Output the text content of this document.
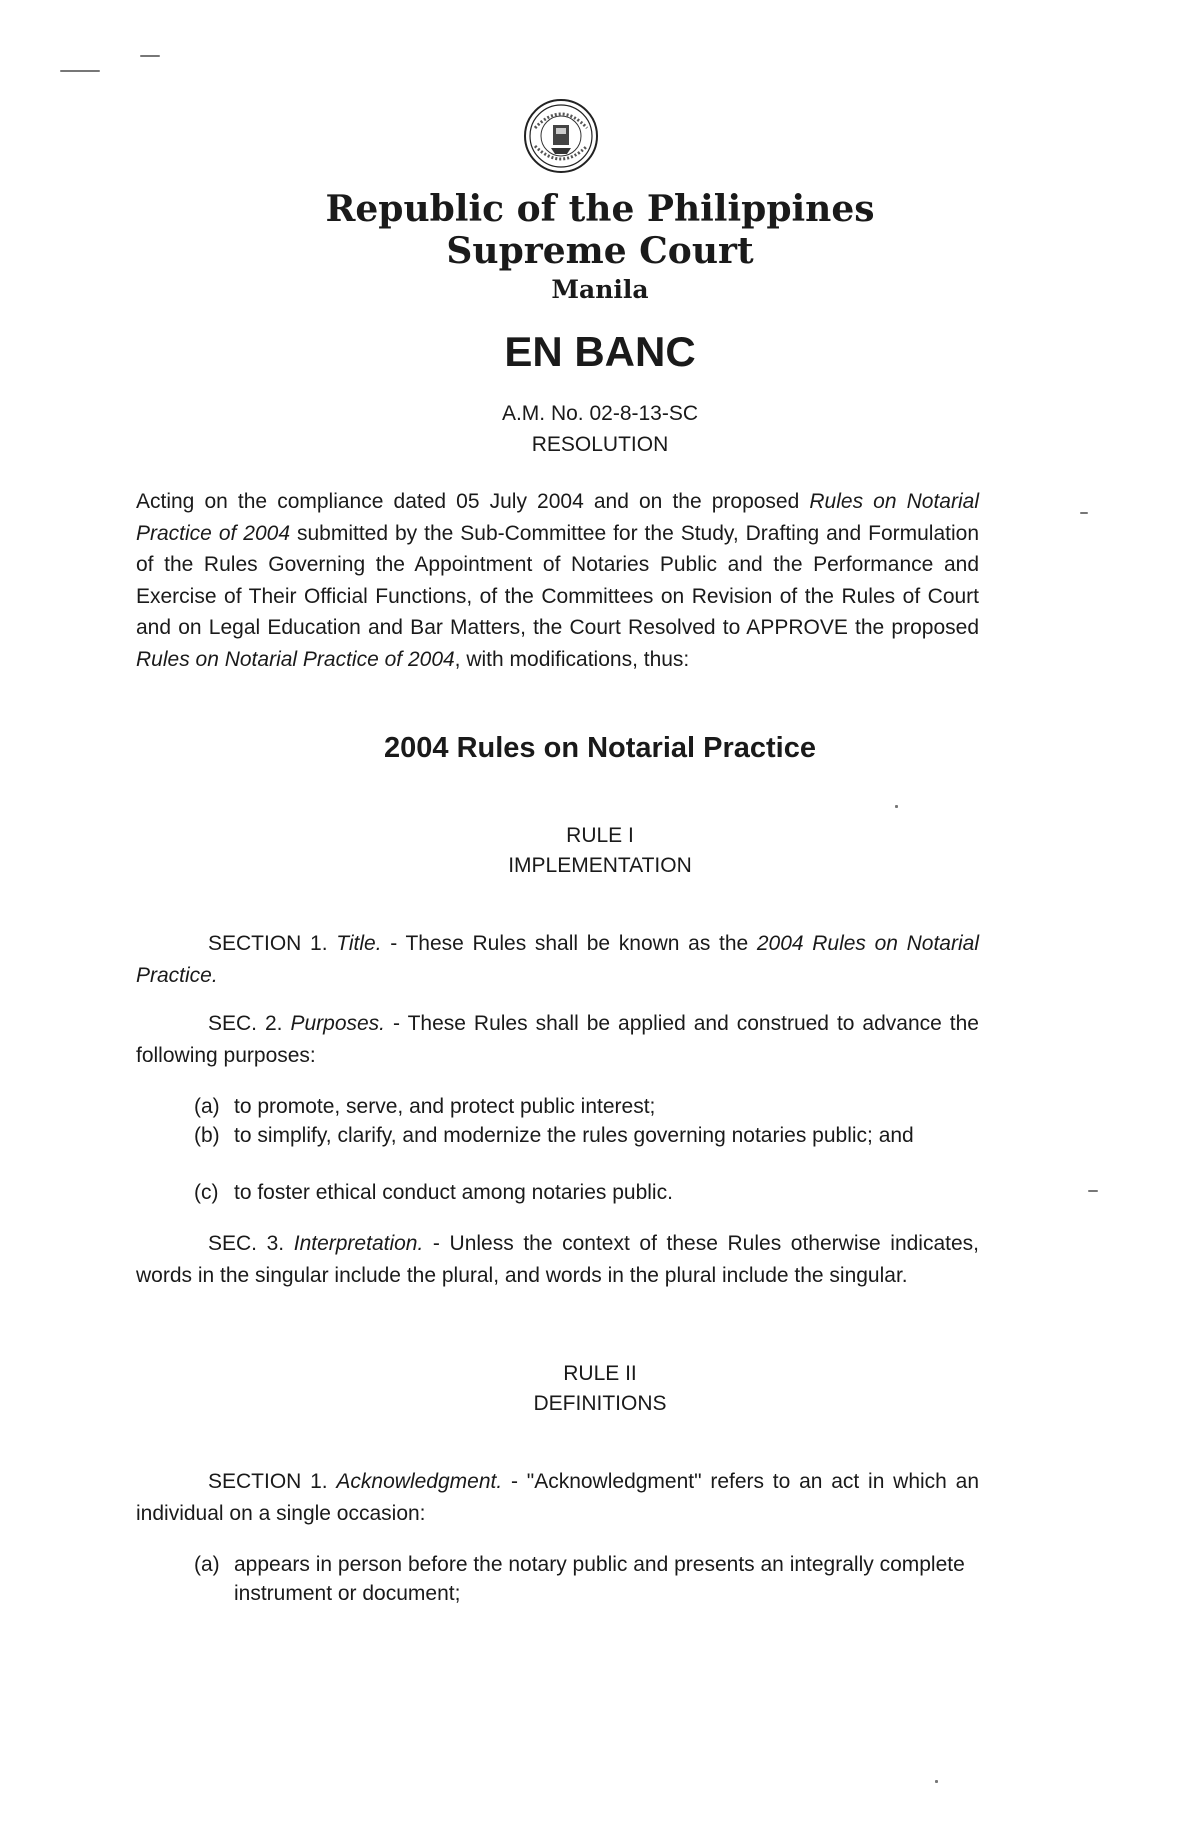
Republic of the Philippines
Supreme Court
Manila
EN BANC
A.M. No. 02-8-13-SC
RESOLUTION

Acting on the compliance dated 05 July 2004 and on the proposed Rules on Notarial Practice of 2004 submitted by the Sub-Committee for the Study, Drafting and Formulation of the Rules Governing the Appointment of Notaries Public and the Performance and Exercise of Their Official Functions, of the Committees on Revision of the Rules of Court and on Legal Education and Bar Matters, the Court Resolved to APPROVE the proposed Rules on Notarial Practice of 2004, with modifications, thus:

2004 Rules on Notarial Practice
RULE I
IMPLEMENTATION

SECTION 1. Title. - These Rules shall be known as the 2004 Rules on Notarial Practice.

SEC. 2. Purposes. - These Rules shall be applied and construed to advance the following purposes:

(a) to promote, serve, and protect public interest;
(b) to simplify, clarify, and modernize the rules governing notaries public; and
(c) to foster ethical conduct among notaries public.

SEC. 3. Interpretation. - Unless the context of these Rules otherwise indicates, words in the singular include the plural, and words in the plural include the singular.

RULE II
DEFINITIONS

SECTION 1. Acknowledgment. - "Acknowledgment" refers to an act in which an individual on a single occasion:

(a) appears in person before the notary public and presents an integrally complete instrument or document;
